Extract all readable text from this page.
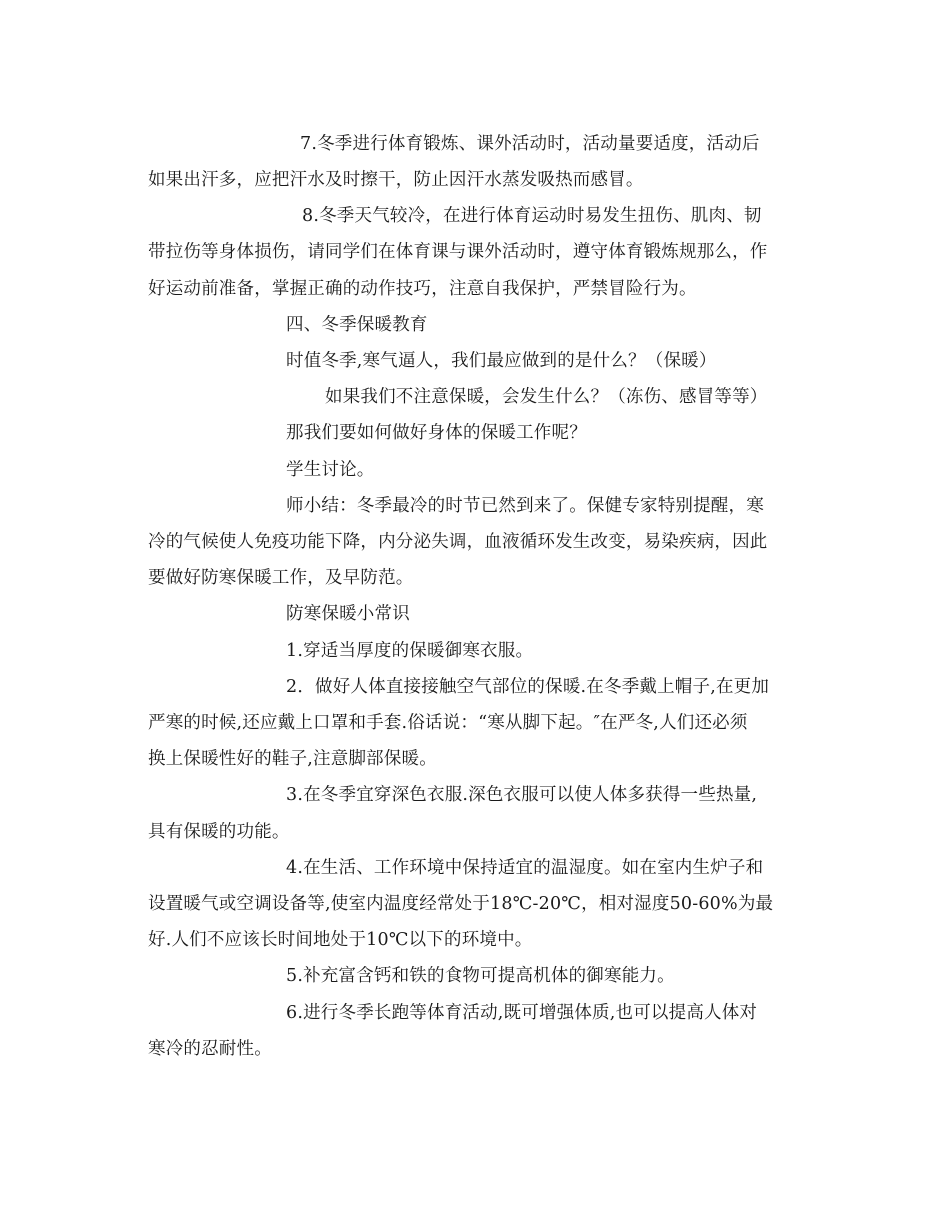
7.冬季进行体育锻炼、课外活动时，活动量要适度，活动后
如果出汗多，应把汗水及时擦干，防止因汗水蒸发吸热而感冒。
8.冬季天气较冷，在进行体育运动时易发生扭伤、肌肉、韧
带拉伤等身体损伤，请同学们在体育课与课外活动时，遵守体育锻炼规那么，作
好运动前准备，掌握正确的动作技巧，注意自我保护，严禁冒险行为。
四、冬季保暖教育
时值冬季,寒气逼人，我们最应做到的是什么？（保暖）
如果我们不注意保暖，会发生什么？（冻伤、感冒等等）
那我们要如何做好身体的保暖工作呢？
学生讨论。
师小结：冬季最冷的时节已然到来了。保健专家特别提醒，寒
冷的气候使人免疫功能下降，内分泌失调，血液循环发生改变，易染疾病，因此
要做好防寒保暖工作，及早防范。
防寒保暖小常识
1.穿适当厚度的保暖御寒衣服。
2．做好人体直接接触空气部位的保暖.在冬季戴上帽子,在更加
严寒的时候,还应戴上口罩和手套.俗话说：“寒从脚下起。″在严冬,人们还必须
换上保暖性好的鞋子,注意脚部保暖。
3.在冬季宜穿深色衣服.深色衣服可以使人体多获得一些热量,
具有保暖的功能。
4.在生活、工作环境中保持适宜的温湿度。如在室内生炉子和
设置暖气或空调设备等,使室内温度经常处于18℃-20℃，相对湿度50-60%为最
好.人们不应该长时间地处于10℃以下的环境中。
5.补充富含钙和铁的食物可提高机体的御寒能力。
6.进行冬季长跑等体育活动,既可增强体质,也可以提高人体对
寒冷的忍耐性。
